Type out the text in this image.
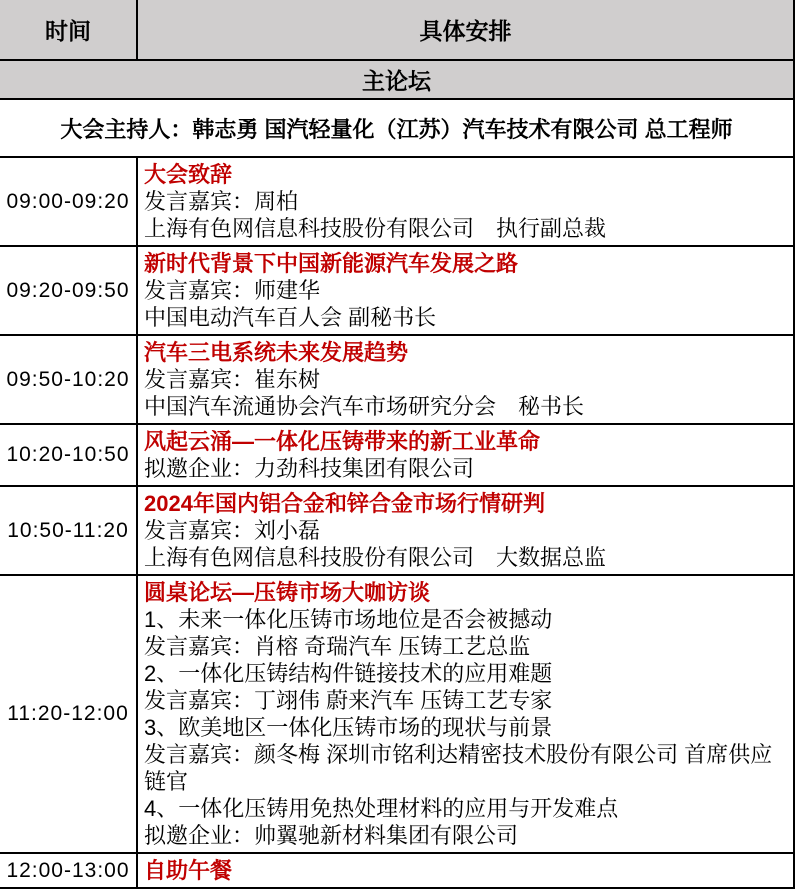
时间	具体安排
主论坛	
大会主持人：韩志勇 国汽轻量化（江苏）汽车技术有限公司 总工程师	
09:00-09:20	大会致辞
发言嘉宾：周柏
上海有色网信息科技股份有限公司　执行副总裁

09:20-09:50	新时代背景下中国新能源汽车发展之路
发言嘉宾：师建华
中国电动汽车百人会 副秘书长

09:50-10:20	汽车三电系统未来发展趋势
发言嘉宾：崔东树
中国汽车流通协会汽车市场研究分会　秘书长

10:20-10:50	风起云涌—一体化压铸带来的新工业革命
拟邀企业：力劲科技集团有限公司

10:50-11:20	2024年国内铝合金和锌合金市场行情研判
发言嘉宾：刘小磊
上海有色网信息科技股份有限公司　大数据总监

11:20-12:00	
圆桌论坛—压铸市场大咖访谈
1、未来一体化压铸市场地位是否会被撼动
发言嘉宾：肖榕 奇瑞汽车 压铸工艺总监
2、一体化压铸结构件链接技术的应用难题
发言嘉宾：丁翊伟 蔚来汽车 压铸工艺专家
3、欧美地区一体化压铸市场的现状与前景
发言嘉宾：颜冬梅 深圳市铭利达精密技术股份有限公司 首席供应链官
4、一体化压铸用免热处理材料的应用与开发难点
拟邀企业：帅翼驰新材料集团有限公司

12:00-13:00	自助午餐
